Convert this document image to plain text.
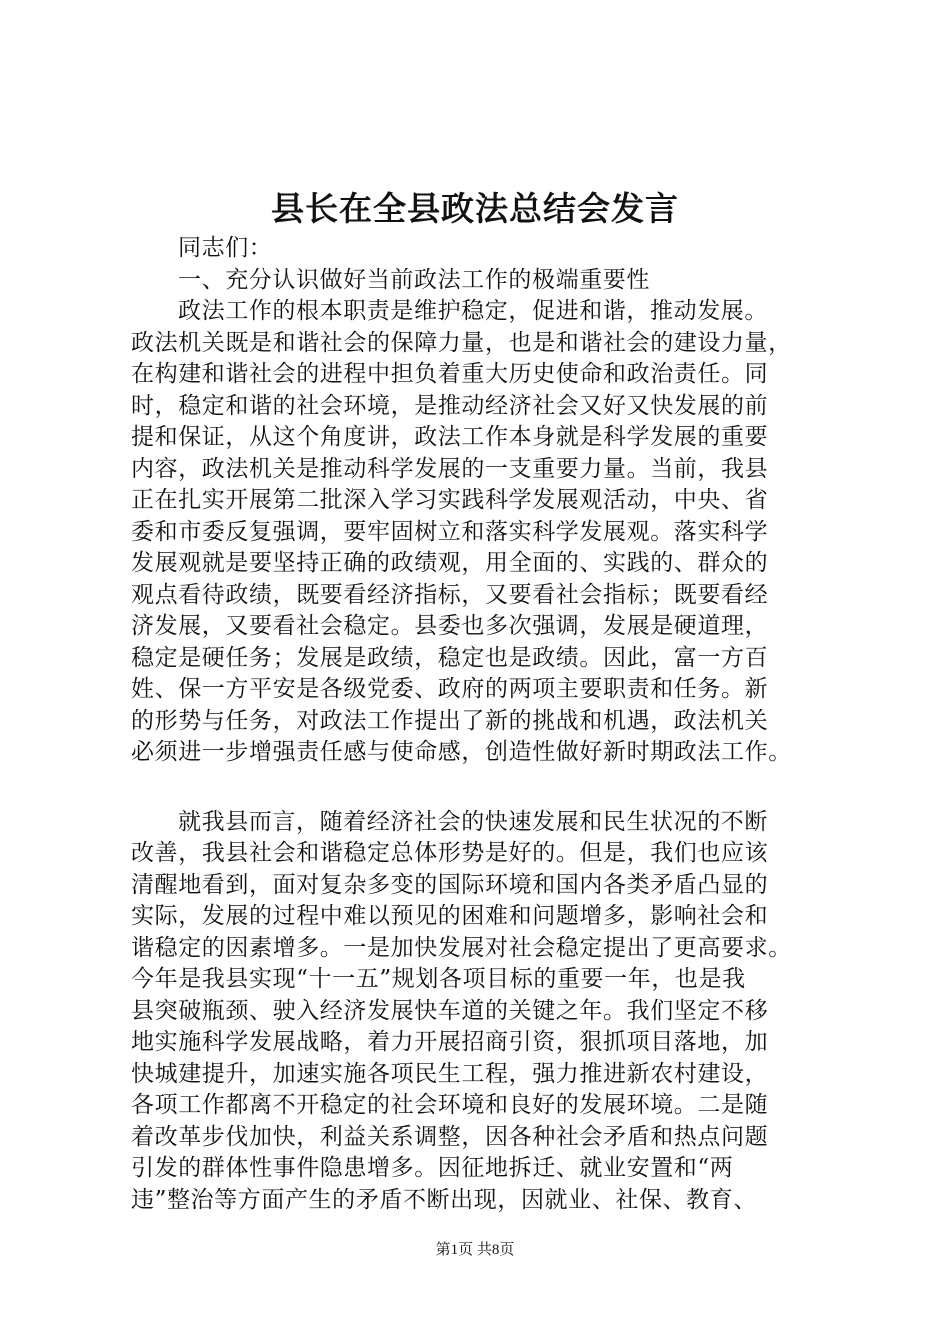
县长在全县政法总结会发言
同志们：
一、充分认识做好当前政法工作的极端重要性
政法工作的根本职责是维护稳定，促进和谐，推动发展。
政法机关既是和谐社会的保障力量，也是和谐社会的建设力量，
在构建和谐社会的进程中担负着重大历史使命和政治责任。同
时，稳定和谐的社会环境，是推动经济社会又好又快发展的前
提和保证，从这个角度讲，政法工作本身就是科学发展的重要
内容，政法机关是推动科学发展的一支重要力量。当前，我县
正在扎实开展第二批深入学习实践科学发展观活动，中央、省
委和市委反复强调，要牢固树立和落实科学发展观。落实科学
发展观就是要坚持正确的政绩观，用全面的、实践的、群众的
观点看待政绩，既要看经济指标，又要看社会指标；既要看经
济发展，又要看社会稳定。县委也多次强调，发展是硬道理，
稳定是硬任务；发展是政绩，稳定也是政绩。因此，富一方百
姓、保一方平安是各级党委、政府的两项主要职责和任务。新
的形势与任务，对政法工作提出了新的挑战和机遇，政法机关
必须进一步增强责任感与使命感，创造性做好新时期政法工作。
就我县而言，随着经济社会的快速发展和民生状况的不断
改善，我县社会和谐稳定总体形势是好的。但是，我们也应该
清醒地看到，面对复杂多变的国际环境和国内各类矛盾凸显的
实际，发展的过程中难以预见的困难和问题增多，影响社会和
谐稳定的因素增多。一是加快发展对社会稳定提出了更高要求。
今年是我县实现“十一五”规划各项目标的重要一年，也是我
县突破瓶颈、驶入经济发展快车道的关键之年。我们坚定不移
地实施科学发展战略，着力开展招商引资，狠抓项目落地，加
快城建提升，加速实施各项民生工程，强力推进新农村建设，
各项工作都离不开稳定的社会环境和良好的发展环境。二是随
着改革步伐加快，利益关系调整，因各种社会矛盾和热点问题
引发的群体性事件隐患增多。因征地拆迁、就业安置和“两
违”整治等方面产生的矛盾不断出现，因就业、社保、教育、
第1页 共8页
